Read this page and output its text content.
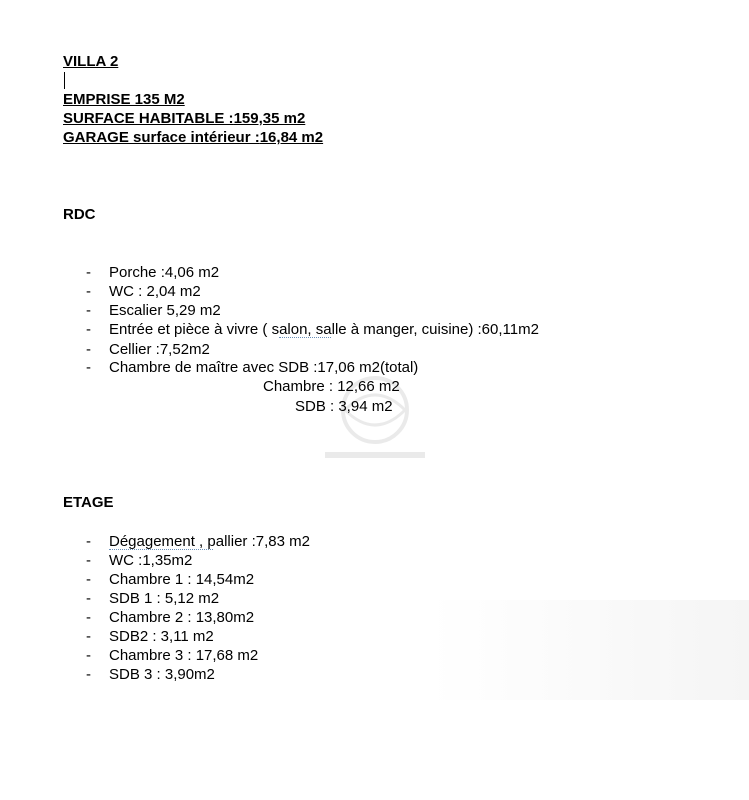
VILLA 2
EMPRISE 135 M2
SURFACE HABITABLE :159,35 m2
GARAGE surface intérieur :16,84 m2
RDC
-	Porche :4,06 m2
-	WC : 2,04 m2
-	Escalier 5,29 m2
-	Entrée et pièce à vivre ( salon, salle à manger, cuisine) :60,11m2
-	Cellier :7,52m2
-	Chambre de maître avec SDB :17,06 m2(total)
Chambre : 12,66 m2
SDB : 3,94 m2
ETAGE
-	Dégagement , pallier :7,83 m2
-	WC :1,35m2
-	Chambre 1 : 14,54m2
-	SDB 1 : 5,12 m2
-	Chambre 2 : 13,80m2
-	SDB2 : 3,11 m2
-	Chambre 3 : 17,68 m2
-	SDB 3 : 3,90m2
